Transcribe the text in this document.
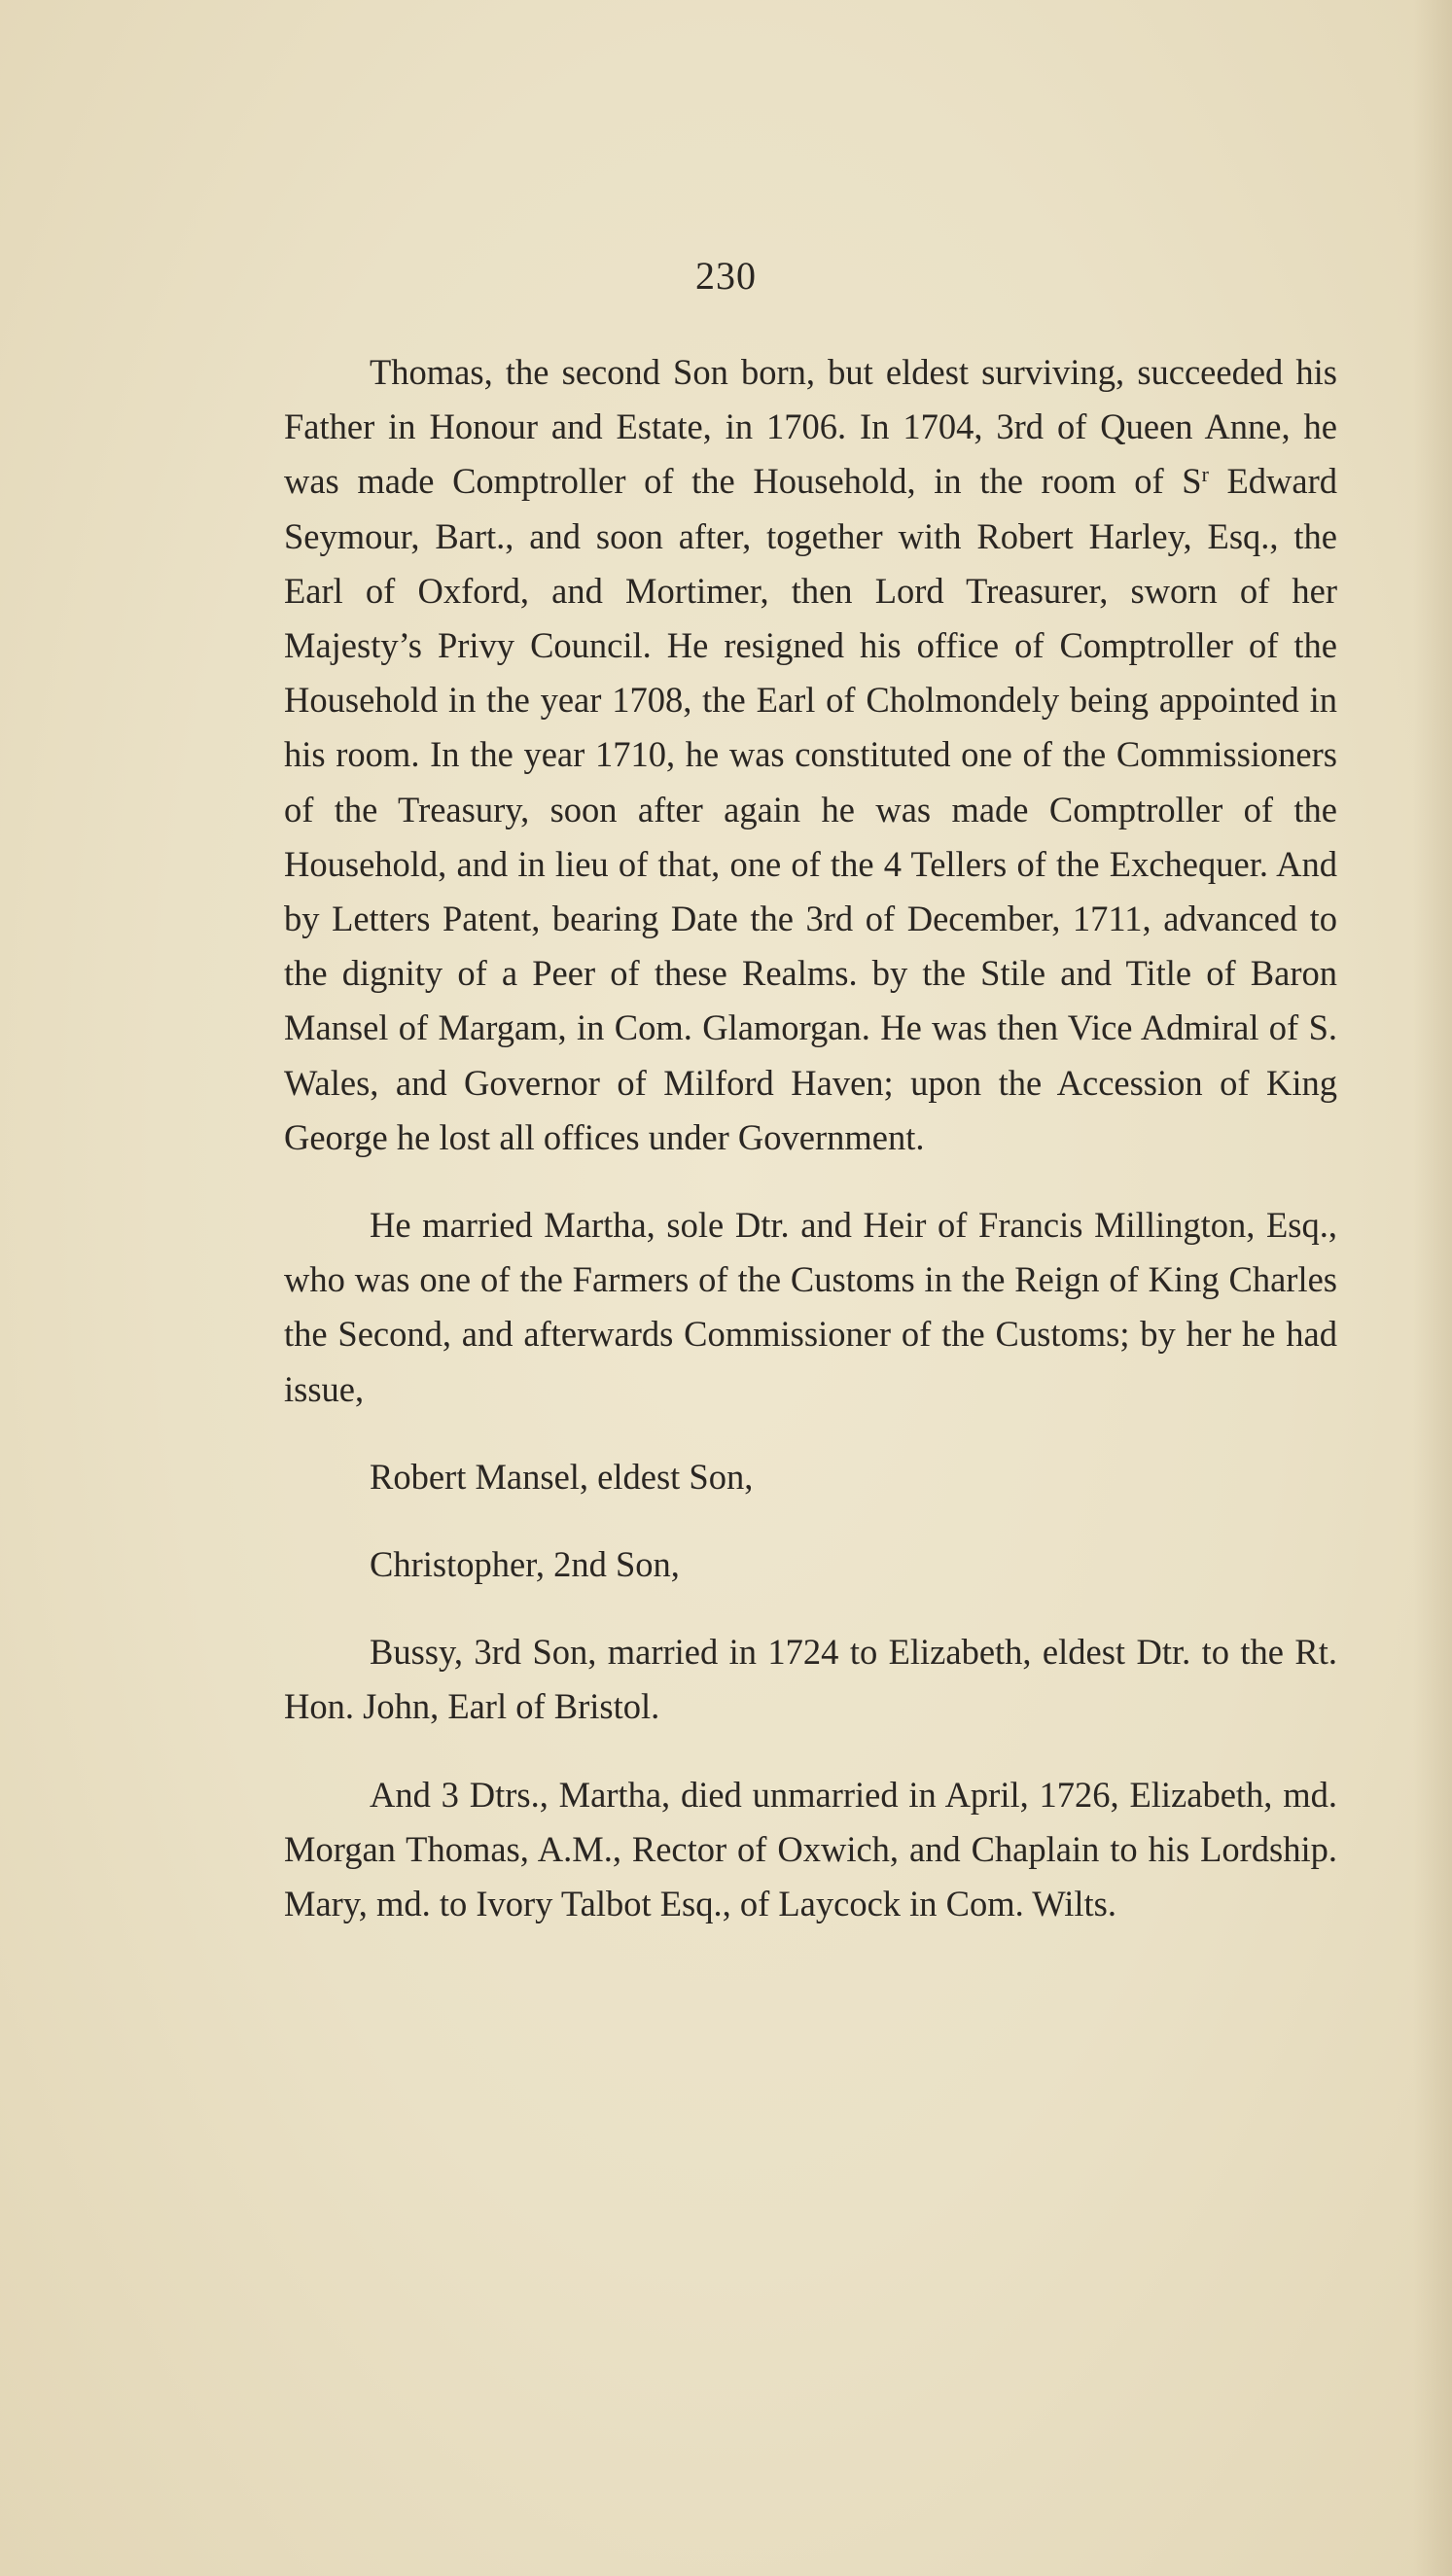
230

Thomas, the second Son born, but eldest surviving, succeeded his Father in Honour and Estate, in 1706. In 1704, 3rd of Queen Anne, he was made Comptroller of the Household, in the room of $S^r$ Edward Seymour, Bart., and soon after, together with Robert Harley, Esq., the Earl of Oxford, and Mortimer, then Lord Treasurer, sworn of her Majesty’s Privy Council. He resigned his office of Comptroller of the Household in the year 1708, the Earl of Cholmondely being appointed in his room. In the year 1710, he was constituted one of the Commissioners of the Treasury, soon after again he was made Comptroller of the Household, and in lieu of that, one of the 4 Tellers of the Exchequer. And by Letters Patent, bearing Date the 3rd of December, 1711, advanced to the dignity of a Peer of these Realms. by the Stile and Title of Baron Mansel of Margam, in Com. Glamorgan. He was then Vice Admiral of S. Wales, and Governor of Milford Haven; upon the Accession of King George he lost all offices under Government.

He married Martha, sole Dtr. and Heir of Francis Millington, Esq., who was one of the Farmers of the Customs in the Reign of King Charles the Second, and afterwards Commissioner of the Customs; by her he had issue,

Robert Mansel, eldest Son,

Christopher, 2nd Son,

Bussy, 3rd Son, married in 1724 to Elizabeth, eldest Dtr. to the Rt. Hon. John, Earl of Bristol.

And 3 Dtrs., Martha, died unmarried in April, 1726, Elizabeth, md. Morgan Thomas, A.M., Rector of Oxwich, and Chaplain to his Lordship. Mary, md. to Ivory Talbot Esq., of Laycock in Com. Wilts.
